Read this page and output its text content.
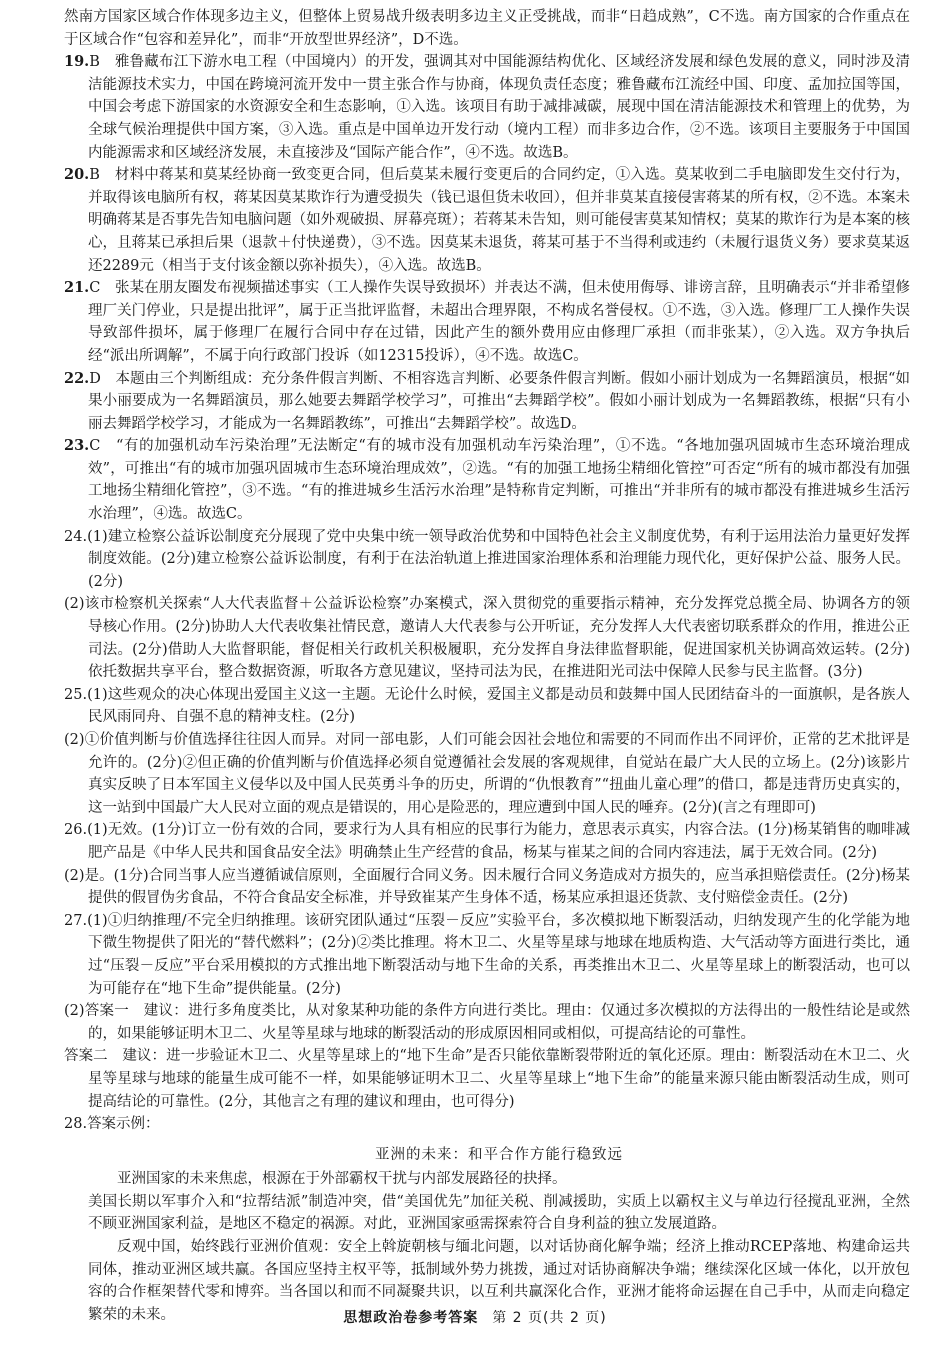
然南方国家区域合作体现多边主义，但整体上贸易战升级表明多边主义正受挑战，而非“日趋成熟”，C不选。南方国家的合作重点在于区域合作“包容和差异化”，而非“开放型世界经济”，D不选。

19.B　雅鲁藏布江下游水电工程（中国境内）的开发，强调其对中国能源结构优化、区域经济发展和绿色发展的意义，同时涉及清洁能源技术实力，中国在跨境河流开发中一贯主张合作与协商，体现负责任态度；雅鲁藏布江流经中国、印度、孟加拉国等国，中国会考虑下游国家的水资源安全和生态影响，①入选。该项目有助于减排减碳，展现中国在清洁能源技术和管理上的优势，为全球气候治理提供中国方案，③入选。重点是中国单边开发行动（境内工程）而非多边合作，②不选。该项目主要服务于中国国内能源需求和区域经济发展，未直接涉及“国际产能合作”，④不选。故选B。

20.B　材料中蒋某和莫某经协商一致变更合同，但后莫某未履行变更后的合同约定，①入选。莫某收到二手电脑即发生交付行为，并取得该电脑所有权，蒋某因莫某欺诈行为遭受损失（钱已退但货未收回），但并非莫某直接侵害蒋某的所有权，②不选。本案未明确蒋某是否事先告知电脑问题（如外观破损、屏幕亮斑）；若蒋某未告知，则可能侵害莫某知情权；莫某的欺诈行为是本案的核心，且蒋某已承担后果（退款＋付快递费），③不选。因莫某未退货，蒋某可基于不当得利或违约（未履行退货义务）要求莫某返还2289元（相当于支付该金额以弥补损失），④入选。故选B。

21.C　张某在朋友圈发布视频描述事实（工人操作失误导致损坏）并表达不满，但未使用侮辱、诽谤言辞，且明确表示“并非希望修理厂关门停业，只是提出批评”，属于正当批评监督，未超出合理界限，不构成名誉侵权。①不选，③入选。修理厂工人操作失误导致部件损坏，属于修理厂在履行合同中存在过错，因此产生的额外费用应由修理厂承担（而非张某），②入选。双方争执后经“派出所调解”，不属于向行政部门投诉（如12315投诉），④不选。故选C。

22.D　本题由三个判断组成：充分条件假言判断、不相容选言判断、必要条件假言判断。假如小丽计划成为一名舞蹈演员，根据“如果小丽要成为一名舞蹈演员，那么她要去舞蹈学校学习”，可推出“去舞蹈学校”。假如小丽计划成为一名舞蹈教练，根据“只有小丽去舞蹈学校学习，才能成为一名舞蹈教练”，可推出“去舞蹈学校”。故选D。

23.C　“有的加强机动车污染治理”无法断定“有的城市没有加强机动车污染治理”，①不选。“各地加强巩固城市生态环境治理成效”，可推出“有的城市加强巩固城市生态环境治理成效”，②选。“有的加强工地扬尘精细化管控”可否定“所有的城市都没有加强工地扬尘精细化管控”，③不选。“有的推进城乡生活污水治理”是特称肯定判断，可推出“并非所有的城市都没有推进城乡生活污水治理”，④选。故选C。

24.(1)建立检察公益诉讼制度充分展现了党中央集中统一领导政治优势和中国特色社会主义制度优势，有利于运用法治力量更好发挥制度效能。(2分)建立检察公益诉讼制度，有利于在法治轨道上推进国家治理体系和治理能力现代化，更好保护公益、服务人民。(2分)

(2)该市检察机关探索“人大代表监督＋公益诉讼检察”办案模式，深入贯彻党的重要指示精神，充分发挥党总揽全局、协调各方的领导核心作用。(2分)协助人大代表收集社情民意，邀请人大代表参与公开听证，充分发挥人大代表密切联系群众的作用，推进公正司法。(2分)借助人大监督职能，督促相关行政机关积极履职，充分发挥自身法律监督职能，促进国家机关协调高效运转。(2分)依托数据共享平台，整合数据资源，听取各方意见建议，坚持司法为民，在推进阳光司法中保障人民参与民主监督。(3分)

25.(1)这些观众的决心体现出爱国主义这一主题。无论什么时候，爱国主义都是动员和鼓舞中国人民团结奋斗的一面旗帜，是各族人民风雨同舟、自强不息的精神支柱。(2分)

(2)①价值判断与价值选择往往因人而异。对同一部电影，人们可能会因社会地位和需要的不同而作出不同评价，正常的艺术批评是允许的。(2分)②但正确的价值判断与价值选择必须自觉遵循社会发展的客观规律，自觉站在最广大人民的立场上。(2分)该影片真实反映了日本军国主义侵华以及中国人民英勇斗争的历史，所谓的“仇恨教育”“扭曲儿童心理”的借口，都是违背历史真实的，这一站到中国最广大人民对立面的观点是错误的，用心是险恶的，理应遭到中国人民的唾弃。(2分)(言之有理即可)

26.(1)无效。(1分)订立一份有效的合同，要求行为人具有相应的民事行为能力，意思表示真实，内容合法。(1分)杨某销售的咖啡减肥产品是《中华人民共和国食品安全法》明确禁止生产经营的食品，杨某与崔某之间的合同内容违法，属于无效合同。(2分)

(2)是。(1分)合同当事人应当遵循诚信原则，全面履行合同义务。因未履行合同义务造成对方损失的，应当承担赔偿责任。(2分)杨某提供的假冒伪劣食品，不符合食品安全标准，并导致崔某产生身体不适，杨某应承担退还货款、支付赔偿金责任。(2分)

27.(1)①归纳推理/不完全归纳推理。该研究团队通过“压裂－反应”实验平台，多次模拟地下断裂活动，归纳发现产生的化学能为地下微生物提供了阳光的“替代燃料”；(2分)②类比推理。将木卫二、火星等星球与地球在地质构造、大气活动等方面进行类比，通过“压裂－反应”平台采用模拟的方式推出地下断裂活动与地下生命的关系，再类推出木卫二、火星等星球上的断裂活动，也可以为可能存在“地下生命”提供能量。(2分)

(2)答案一　建议：进行多角度类比，从对象某种功能的条件方向进行类比。理由：仅通过多次模拟的方法得出的一般性结论是或然的，如果能够证明木卫二、火星等星球与地球的断裂活动的形成原因相同或相似，可提高结论的可靠性。

答案二　建议：进一步验证木卫二、火星等星球上的“地下生命”是否只能依靠断裂带附近的氧化还原。理由：断裂活动在木卫二、火星等星球与地球的能量生成可能不一样，如果能够证明木卫二、火星等星球上“地下生命”的能量来源只能由断裂活动生成，则可提高结论的可靠性。(2分，其他言之有理的建议和理由，也可得分)

28.答案示例：

亚洲的未来：和平合作方能行稳致远

亚洲国家的未来焦虑，根源在于外部霸权干扰与内部发展路径的抉择。

美国长期以军事介入和“拉帮结派”制造冲突，借“美国优先”加征关税、削减援助，实质上以霸权主义与单边行径搅乱亚洲，全然不顾亚洲国家利益，是地区不稳定的祸源。对此，亚洲国家亟需探索符合自身利益的独立发展道路。

反观中国，始终践行亚洲价值观：安全上斡旋朝核与缅北问题，以对话协商化解争端；经济上推动RCEP落地、构建命运共同体，推动亚洲区域共赢。各国应坚持主权平等，抵制域外势力挑拨，通过对话协商解决争端；继续深化区域一体化，以开放包容的合作框架替代零和博弈。当各国以和而不同凝聚共识，以互利共赢深化合作，亚洲才能将命运握在自己手中，从而走向稳定繁荣的未来。	思想政治卷参考答案 第 2 页(共 2 页)
